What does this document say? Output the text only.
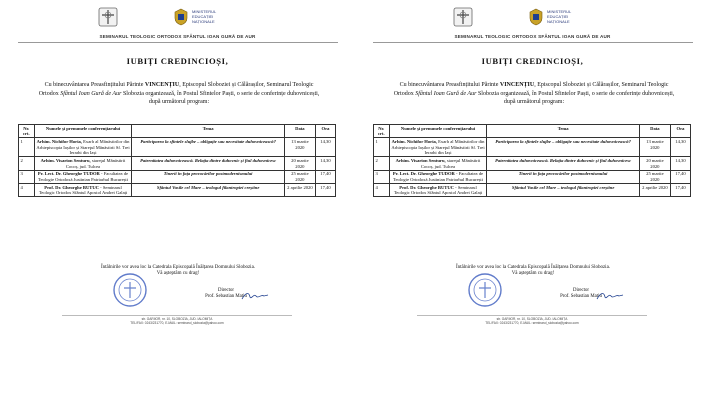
MINISTERUL EDUCAȚIEI
NAȚIONALE
SEMINARUL TEOLOGIC ORTODOX SFÂNTUL IOAN GURĂ DE AUR
IUBIȚI CREDINCIOȘI,
Cu binecuvântarea Preasfințitului Părinte VINCENȚIU, Episcopul Sloboziei și Călărașilor, Seminarul Teologic Ortodox Sfântul Ioan Gură de Aur Slobozia organizează, în Postul Sfintelor Paști, o serie de conferințe duhovnicești, după următorul program:
Nr. crt.	Numele și prenumele conferențiarului	Tema	Data	Ora
1	Arhim. Nichifor Horia, Exarh al Mânăstirilor din Arhiepiscopia Iașilor și Stareţul Mânăstirii Sf. Trei Ierarhi din Iași	Participarea la sfintele slujbe – obligație sau necesitate duhovnicească?	13 martie 2020	14,30
2	Arhim. Visarion Senturu, stareţul Mânăstirii Cocoș, jud. Tulcea	Paternitatea duhovnicească. Relația dintre duhovnic și fiul duhovnicesc	20 martie 2020	14,30
3	Pr. Lect. Dr. Gheorghe TUDOR - Facultatea de Teologie Ortodoxă Justinian Patriarhul București	Tinerii în fața provocărilor postmodernismului	25 martie 2020	17,40
4	Prof. Dr. Gheorghe BUTUC - Seminarul Teologic Ortodox Sfântul Apostol Andrei Galați	Sfântul Vasile cel Mare – teologul filantropiei creștine	2 aprilie 2020	17,40
Întâlnirile vor avea loc la Catedrala Episcopală Înălțarea Domnului Slobozia.
Vă așteptăm cu drag!
Director
Prof. Sebastian Matiu
str. GARIIOR, nr. 10, SLOBOZIA, JUD. IALOMIȚA
TEL/FAX: 0243/231770, E-MAIL: seminarul_slobozia@yahoo.com
MINISTERUL EDUCAȚIEI
NAȚIONALE
SEMINARUL TEOLOGIC ORTODOX SFÂNTUL IOAN GURĂ DE AUR
IUBIȚI CREDINCIOȘI,
Cu binecuvântarea Preasfințitului Părinte VINCENȚIU, Episcopul Sloboziei și Călărașilor, Seminarul Teologic Ortodox Sfântul Ioan Gură de Aur Slobozia organizează, în Postul Sfintelor Paști, o serie de conferințe duhovnicești, după următorul program:
Nr. crt.	Numele și prenumele conferențiarului	Tema	Data	Ora
1	Arhim. Nichifor Horia, Exarh al Mânăstirilor din Arhiepiscopia Iașilor și Stareţul Mânăstirii Sf. Trei Ierarhi din Iași	Participarea la sfintele slujbe – obligație sau necesitate duhovnicească?	13 martie 2020	14,30
2	Arhim. Visarion Senturu, stareţul Mânăstirii Cocoș, jud. Tulcea	Paternitatea duhovnicească. Relația dintre duhovnic și fiul duhovnicesc	20 martie 2020	14,30
3	Pr. Lect. Dr. Gheorghe TUDOR - Facultatea de Teologie Ortodoxă Justinian Patriarhul București	Tinerii în fața provocărilor postmodernismului	25 martie 2020	17,40
4	Prof. Dr. Gheorghe BUTUC - Seminarul Teologic Ortodox Sfântul Apostol Andrei Galați	Sfântul Vasile cel Mare – teologul filantropiei creștine	2 aprilie 2020	17,40
Întâlnirile vor avea loc la Catedrala Episcopală Înălțarea Domnului Slobozia.
Vă așteptăm cu drag!
Director
Prof. Sebastian Matiu
str. GARIIOR, nr. 10, SLOBOZIA, JUD. IALOMIȚA
TEL/FAX: 0243/231770, E-MAIL: seminarul_slobozia@yahoo.com
